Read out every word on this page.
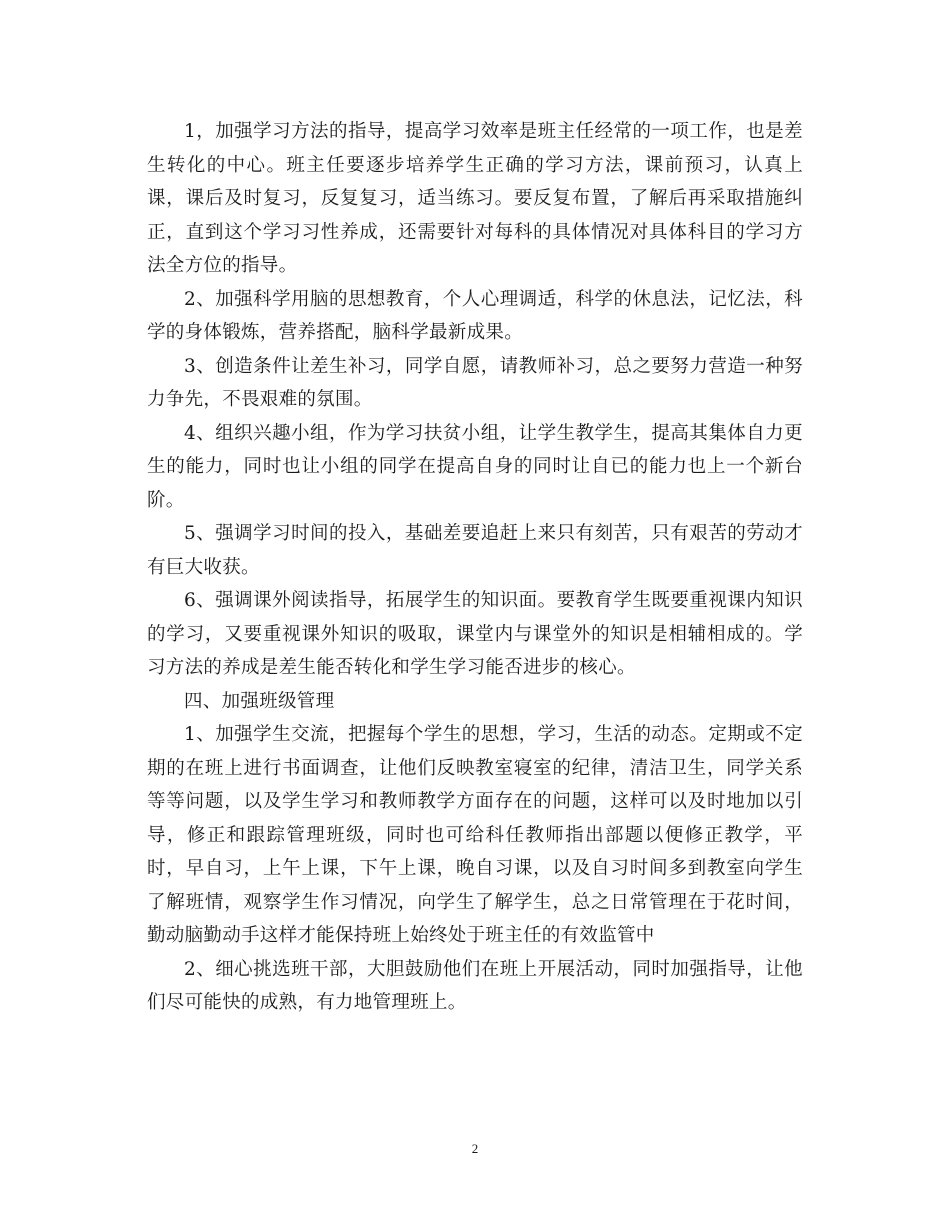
1，加强学习方法的指导，提高学习效率是班主任经常的一项工作，也是差生转化的中心。班主任要逐步培养学生正确的学习方法，课前预习，认真上课，课后及时复习，反复复习，适当练习。要反复布置，了解后再采取措施纠正，直到这个学习习性养成，还需要针对每科的具体情况对具体科目的学习方法全方位的指导。

2、加强科学用脑的思想教育，个人心理调适，科学的休息法，记忆法，科学的身体锻炼，营养搭配，脑科学最新成果。

3、创造条件让差生补习，同学自愿，请教师补习，总之要努力营造一种努力争先，不畏艰难的氛围。

4、组织兴趣小组，作为学习扶贫小组，让学生教学生，提高其集体自力更生的能力，同时也让小组的同学在提高自身的同时让自已的能力也上一个新台阶。

5、强调学习时间的投入，基础差要追赶上来只有刻苦，只有艰苦的劳动才有巨大收获。

6、强调课外阅读指导，拓展学生的知识面。要教育学生既要重视课内知识的学习，又要重视课外知识的吸取，课堂内与课堂外的知识是相辅相成的。学习方法的养成是差生能否转化和学生学习能否进步的核心。

四、加强班级管理

1、加强学生交流，把握每个学生的思想，学习，生活的动态。定期或不定期的在班上进行书面调查，让他们反映教室寝室的纪律，清洁卫生，同学关系等等问题，以及学生学习和教师教学方面存在的问题，这样可以及时地加以引导，修正和跟踪管理班级，同时也可给科任教师指出部题以便修正教学，平时，早自习，上午上课，下午上课，晚自习课，以及自习时间多到教室向学生了解班情，观察学生作习情况，向学生了解学生，总之日常管理在于花时间，勤动脑勤动手这样才能保持班上始终处于班主任的有效监管中

2、细心挑选班干部，大胆鼓励他们在班上开展活动，同时加强指导，让他们尽可能快的成熟，有力地管理班上。

2
